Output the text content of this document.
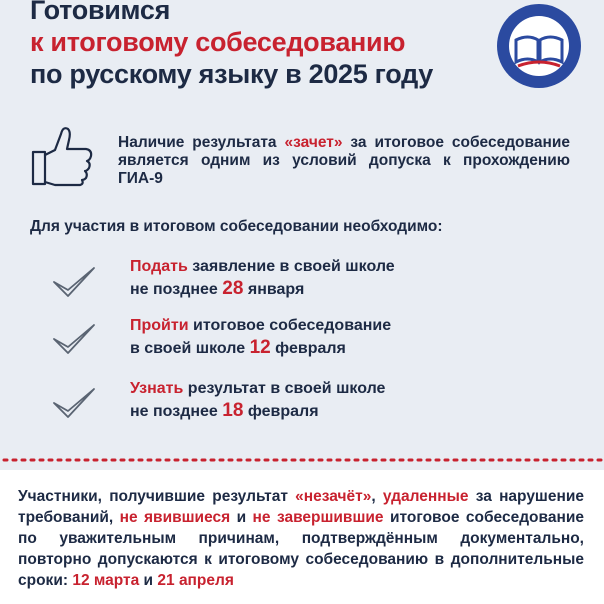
Готовимся
к итоговому собеседованию
по русскому языку в 2025 году
Наличие результата «зачет» за итоговое собеседование является одним из условий допуска к прохождению ГИА-9
Для участия в итоговом собеседовании необходимо:
Подать заявление в своей школе
не позднее 28 января
Пройти итоговое собеседование
в своей школе 12 февраля
Узнать результат в своей школе
не позднее 18 февраля

Участники, получившие результат «незачёт», удаленные за нарушение требований, не явившиеся и не завершившие итоговое собеседование по уважительным причинам, подтверждённым документально, повторно допускаются к итоговому собеседованию в дополнительные сроки: 12 марта и 21 апреля
